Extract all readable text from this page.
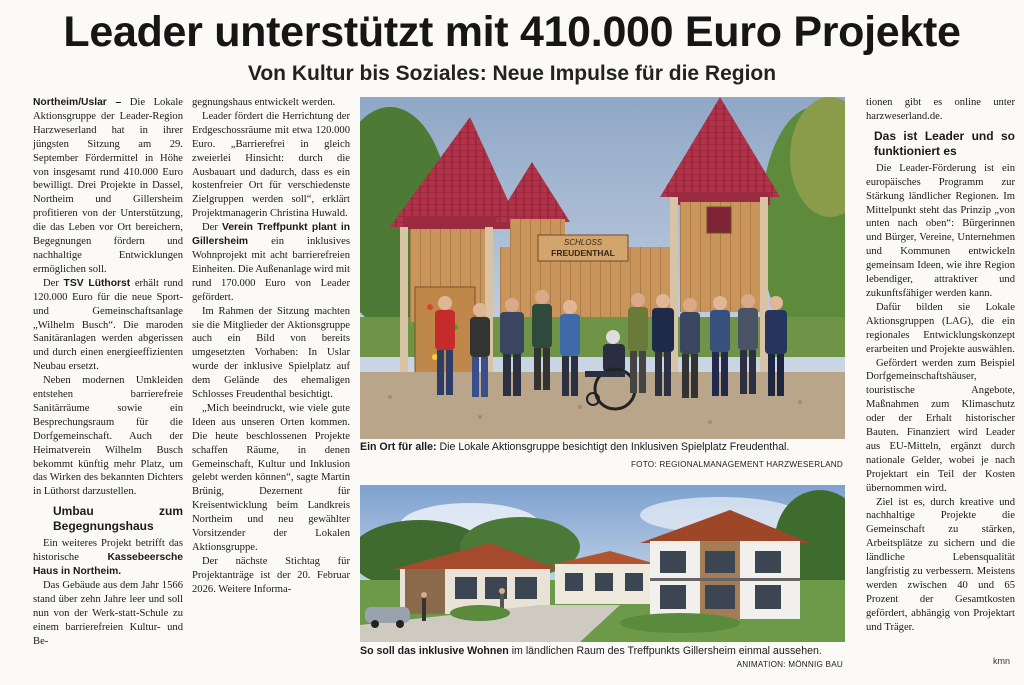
Leader unterstützt mit 410.000 Euro Projekte
Von Kultur bis Soziales: Neue Impulse für die Region

Northeim/Uslar – Die Lokale Aktionsgruppe der Leader-Region Harzweserland hat in ihrer jüngsten Sitzung am 29. September Fördermittel in Höhe von insgesamt rund 410.000 Euro bewilligt. Drei Projekte in Dassel, Northeim und Gillersheim profitieren von der Unterstützung, die das Leben vor Ort bereichern, Begegnungen fördern und nachhaltige Entwicklungen ermöglichen soll.

Der TSV Lüthorst erhält rund 120.000 Euro für die neue Sport- und Gemeinschaftsanlage „Wilhelm Busch“. Die maroden Sanitäranlagen werden abgerissen und durch einen energieeffizienten Neubau ersetzt.

Neben modernen Umkleiden entstehen barrierefreie Sanitärräume sowie ein Besprechungsraum für die Dorfgemeinschaft. Auch der Heimatverein Wilhelm Busch bekommt künftig mehr Platz, um das Wirken des bekannten Dichters in Lüthorst darzustellen.

Umbau zum Begegnungshaus

Ein weiteres Projekt betrifft das historische Kassebeersche Haus in Northeim.

Das Gebäude aus dem Jahr 1566 stand über zehn Jahre leer und soll nun von der Werk-statt-Schule zu einem barrierefreien Kultur- und Be-

gegnungshaus entwickelt werden.

Leader fördert die Herrichtung der Erdgeschossräume mit etwa 120.000 Euro. „Barrierefrei in gleich zweierlei Hinsicht: durch die Ausbauart und dadurch, dass es ein kostenfreier Ort für verschiedenste Zielgruppen werden soll“, erklärt Projektmanagerin Christina Huwald.

Der Verein Treffpunkt plant in Gillersheim ein inklusives Wohnprojekt mit acht barrierefreien Einheiten. Die Außenanlage wird mit rund 170.000 Euro von Leader gefördert.

Im Rahmen der Sitzung machten sie die Mitglieder der Aktionsgruppe auch ein Bild von bereits umgesetzten Vorhaben: In Uslar wurde der inklusive Spielplatz auf dem Gelände des ehemaligen Schlosses Freudenthal besichtigt.

„Mich beeindruckt, wie viele gute Ideen aus unseren Orten kommen. Die heute beschlossenen Projekte schaffen Räume, in denen Gemeinschaft, Kultur und Inklusion gelebt werden können“, sagte Martin Brünig, Dezernent für Kreisentwicklung beim Landkreis Northeim und neu gewählter Vorsitzender der Lokalen Aktionsgruppe.

Der nächste Stichtag für Projektanträge ist der 20. Februar 2026. Weitere Informa-

SCHLOSS
FREUDENTHAL
Ein Ort für alle: Die Lokale Aktionsgruppe besichtigt den Inklusiven Spielplatz Freudenthal.
FOTO: REGIONALMANAGEMENT HARZWESERLAND
So soll das inklusive Wohnen im ländlichen Raum des Treffpunkts Gillersheim einmal aussehen.
ANIMATION: MÖNNIG BAU

tionen gibt es online unter harzweserland.de.

Das ist Leader und so funktioniert es

Die Leader-Förderung ist ein europäisches Programm zur Stärkung ländlicher Regionen. Im Mittelpunkt steht das Prinzip „von unten nach oben“: Bürgerinnen und Bürger, Vereine, Unternehmen und Kommunen entwickeln gemeinsam Ideen, wie ihre Region lebendiger, attraktiver und zukunftsfähiger werden kann.

Dafür bilden sie Lokale Aktionsgruppen (LAG), die ein regionales Entwicklungskonzept erarbeiten und Projekte auswählen.

Gefördert werden zum Beispiel Dorfgemeinschaftshäuser, touristische Angebote, Maßnahmen zum Klimaschutz oder der Erhalt historischer Bauten. Finanziert wird Leader aus EU-Mitteln, ergänzt durch nationale Gelder, wobei je nach Projektart ein Teil der Kosten übernommen wird.

Ziel ist es, durch kreative und nachhaltige Projekte die Gemeinschaft zu stärken, Arbeitsplätze zu sichern und die ländliche Lebensqualität langfristig zu verbessern. Meistens werden zwischen 40 und 65 Prozent der Gesamtkosten gefördert, abhängig von Projektart und Träger.

kmn
